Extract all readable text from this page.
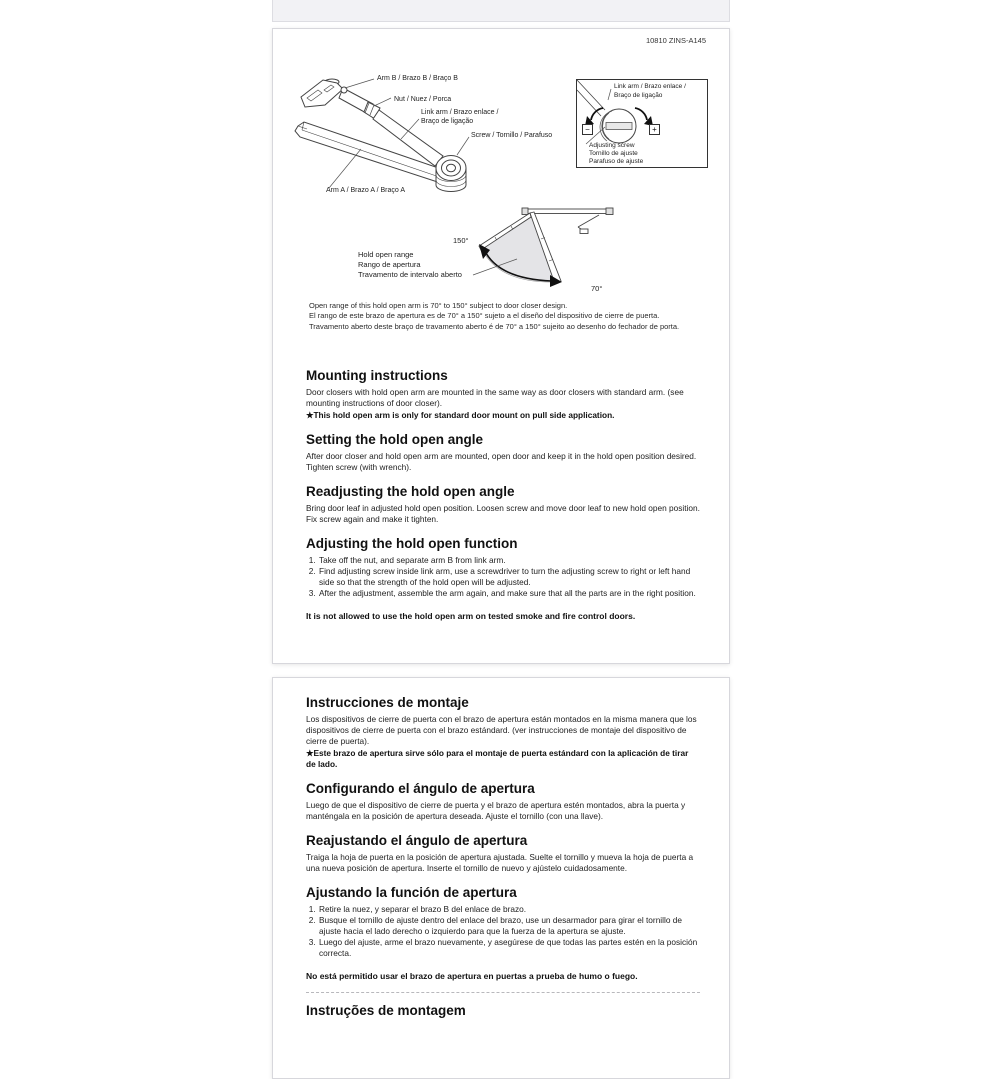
10810 ZINS-A145
Arm B / Brazo B / Braço B
Nut / Nuez / Porca
Link arm / Brazo enlace /
Braço de ligação
Screw / Tornillo / Parafuso
Arm A / Brazo A / Braço A
150°
70°
Hold open range
Rango de apertura
Travamento de intervalo aberto
Link arm / Brazo enlace /
Braço de ligação
−	+
Adjusting screw
Tornillo de ajuste
Parafuso de ajuste
Open range of this hold open arm is 70° to 150° subject to door closer design.
El rango de este brazo de apertura es de 70° a 150° sujeto a el diseño del dispositivo de cierre de puerta.
Travamento aberto deste braço de travamento aberto é de 70° a 150° sujeito ao desenho do fechador de porta.
Mounting instructions

Door closers with hold open arm are mounted in the same way as door closers with standard arm. (see mounting instructions of door closer).

★This hold open arm is only for standard door mount on pull side application.

Setting the hold open angle

After door closer and hold open arm are mounted, open door and keep it in the hold open position desired. Tighten screw (with wrench).

Readjusting the hold open angle

Bring door leaf in adjusted hold open position. Loosen screw and move door leaf to new hold open position. Fix screw again and make it tighten.

Adjusting the hold open function
1. Take off the nut, and separate arm B from link arm.
2. Find adjusting screw inside link arm, use a screwdriver to turn the adjusting screw to right or left hand side so that the strength of the hold open will be adjusted.
3. After the adjustment, assemble the arm again, and make sure that all the parts are in the right position.
It is not allowed to use the hold open arm on tested smoke and fire control doors.
Instrucciones de montaje

Los dispositivos de cierre de puerta con el brazo de apertura están montados en la misma manera que los dispositivos de cierre de puerta con el brazo estándard. (ver instrucciones de montaje del dispositivo de cierre de puerta).

★Este brazo de apertura sirve sólo para el montaje de puerta estándard con la aplicación de tirar de lado.

Configurando el ángulo de apertura

Luego de que el dispositivo de cierre de puerta y el brazo de apertura estén montados, abra la puerta y manténgala en la posición de apertura deseada. Ajuste el tornillo (con una llave).

Reajustando el ángulo de apertura

Traiga la hoja de puerta en la posición de apertura ajustada. Suelte el tornillo y mueva la hoja de puerta a una nueva posición de apertura. Inserte el tornillo de nuevo y ajústelo cuidadosamente.

Ajustando la función de apertura
1. Retire la nuez, y separar el brazo B del enlace de brazo.
2. Busque el tornillo de ajuste dentro del enlace del brazo, use un desarmador para girar el tornillo de ajuste hacia el lado derecho o izquierdo para que la fuerza de la apertura se ajuste.
3. Luego del ajuste, arme el brazo nuevamente, y asegúrese de que todas las partes estén en la posición correcta.
No está permitido usar el brazo de apertura en puertas a prueba de humo o fuego.
Instruções de montagem
